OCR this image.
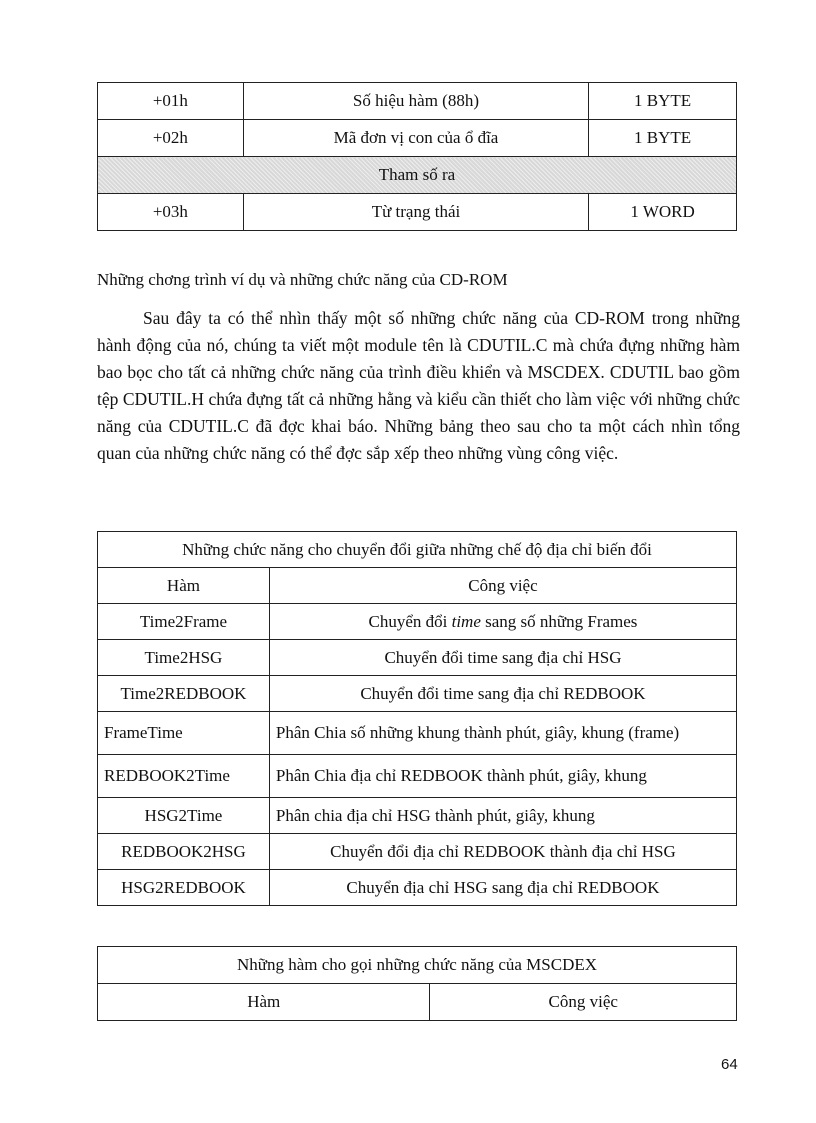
+01h	Số hiệu hàm (88h)	1 BYTE
+02h	Mã đơn vị con của ổ đĩa	1 BYTE
Tham số ra		
+03h	Từ trạng thái	1 WORD

Những chơng trình ví dụ và những chức năng của CD-ROM

Sau đây ta có thể nhìn thấy một số những chức năng của CD-ROM trong những hành động của nó, chúng ta viết một module tên là CDUTIL.C mà chứa đựng những hàm bao bọc cho tất cả những chức năng của trình điều khiển và MSCDEX. CDUTIL bao gồm tệp CDUTIL.H chứa đựng tất cả những hằng và kiểu cần thiết cho làm việc với những chức năng của CDUTIL.C đã đợc khai báo. Những bảng theo sau cho ta một cách nhìn tổng quan của những chức năng có thể đợc sắp xếp theo những vùng công việc.

Những chức năng cho chuyển đổi giữa những chế độ địa chỉ biến đổi	
Hàm	Công việc
Time2Frame	Chuyển đổi time sang số những Frames
Time2HSG	Chuyển đổi time sang địa chỉ HSG
Time2REDBOOK	Chuyển đổi time sang địa chỉ REDBOOK
FrameTime	Phân Chia số những khung thành phút, giây, khung (frame)
REDBOOK2Time	Phân Chia địa chỉ REDBOOK thành phút, giây, khung
HSG2Time	Phân chia địa chỉ HSG thành phút, giây, khung
REDBOOK2HSG	Chuyển đổi địa chỉ REDBOOK thành địa chỉ HSG
HSG2REDBOOK	Chuyển địa chỉ HSG sang địa chỉ REDBOOK
Những hàm cho gọi những chức năng của MSCDEX
Hàm	Công việc

64
